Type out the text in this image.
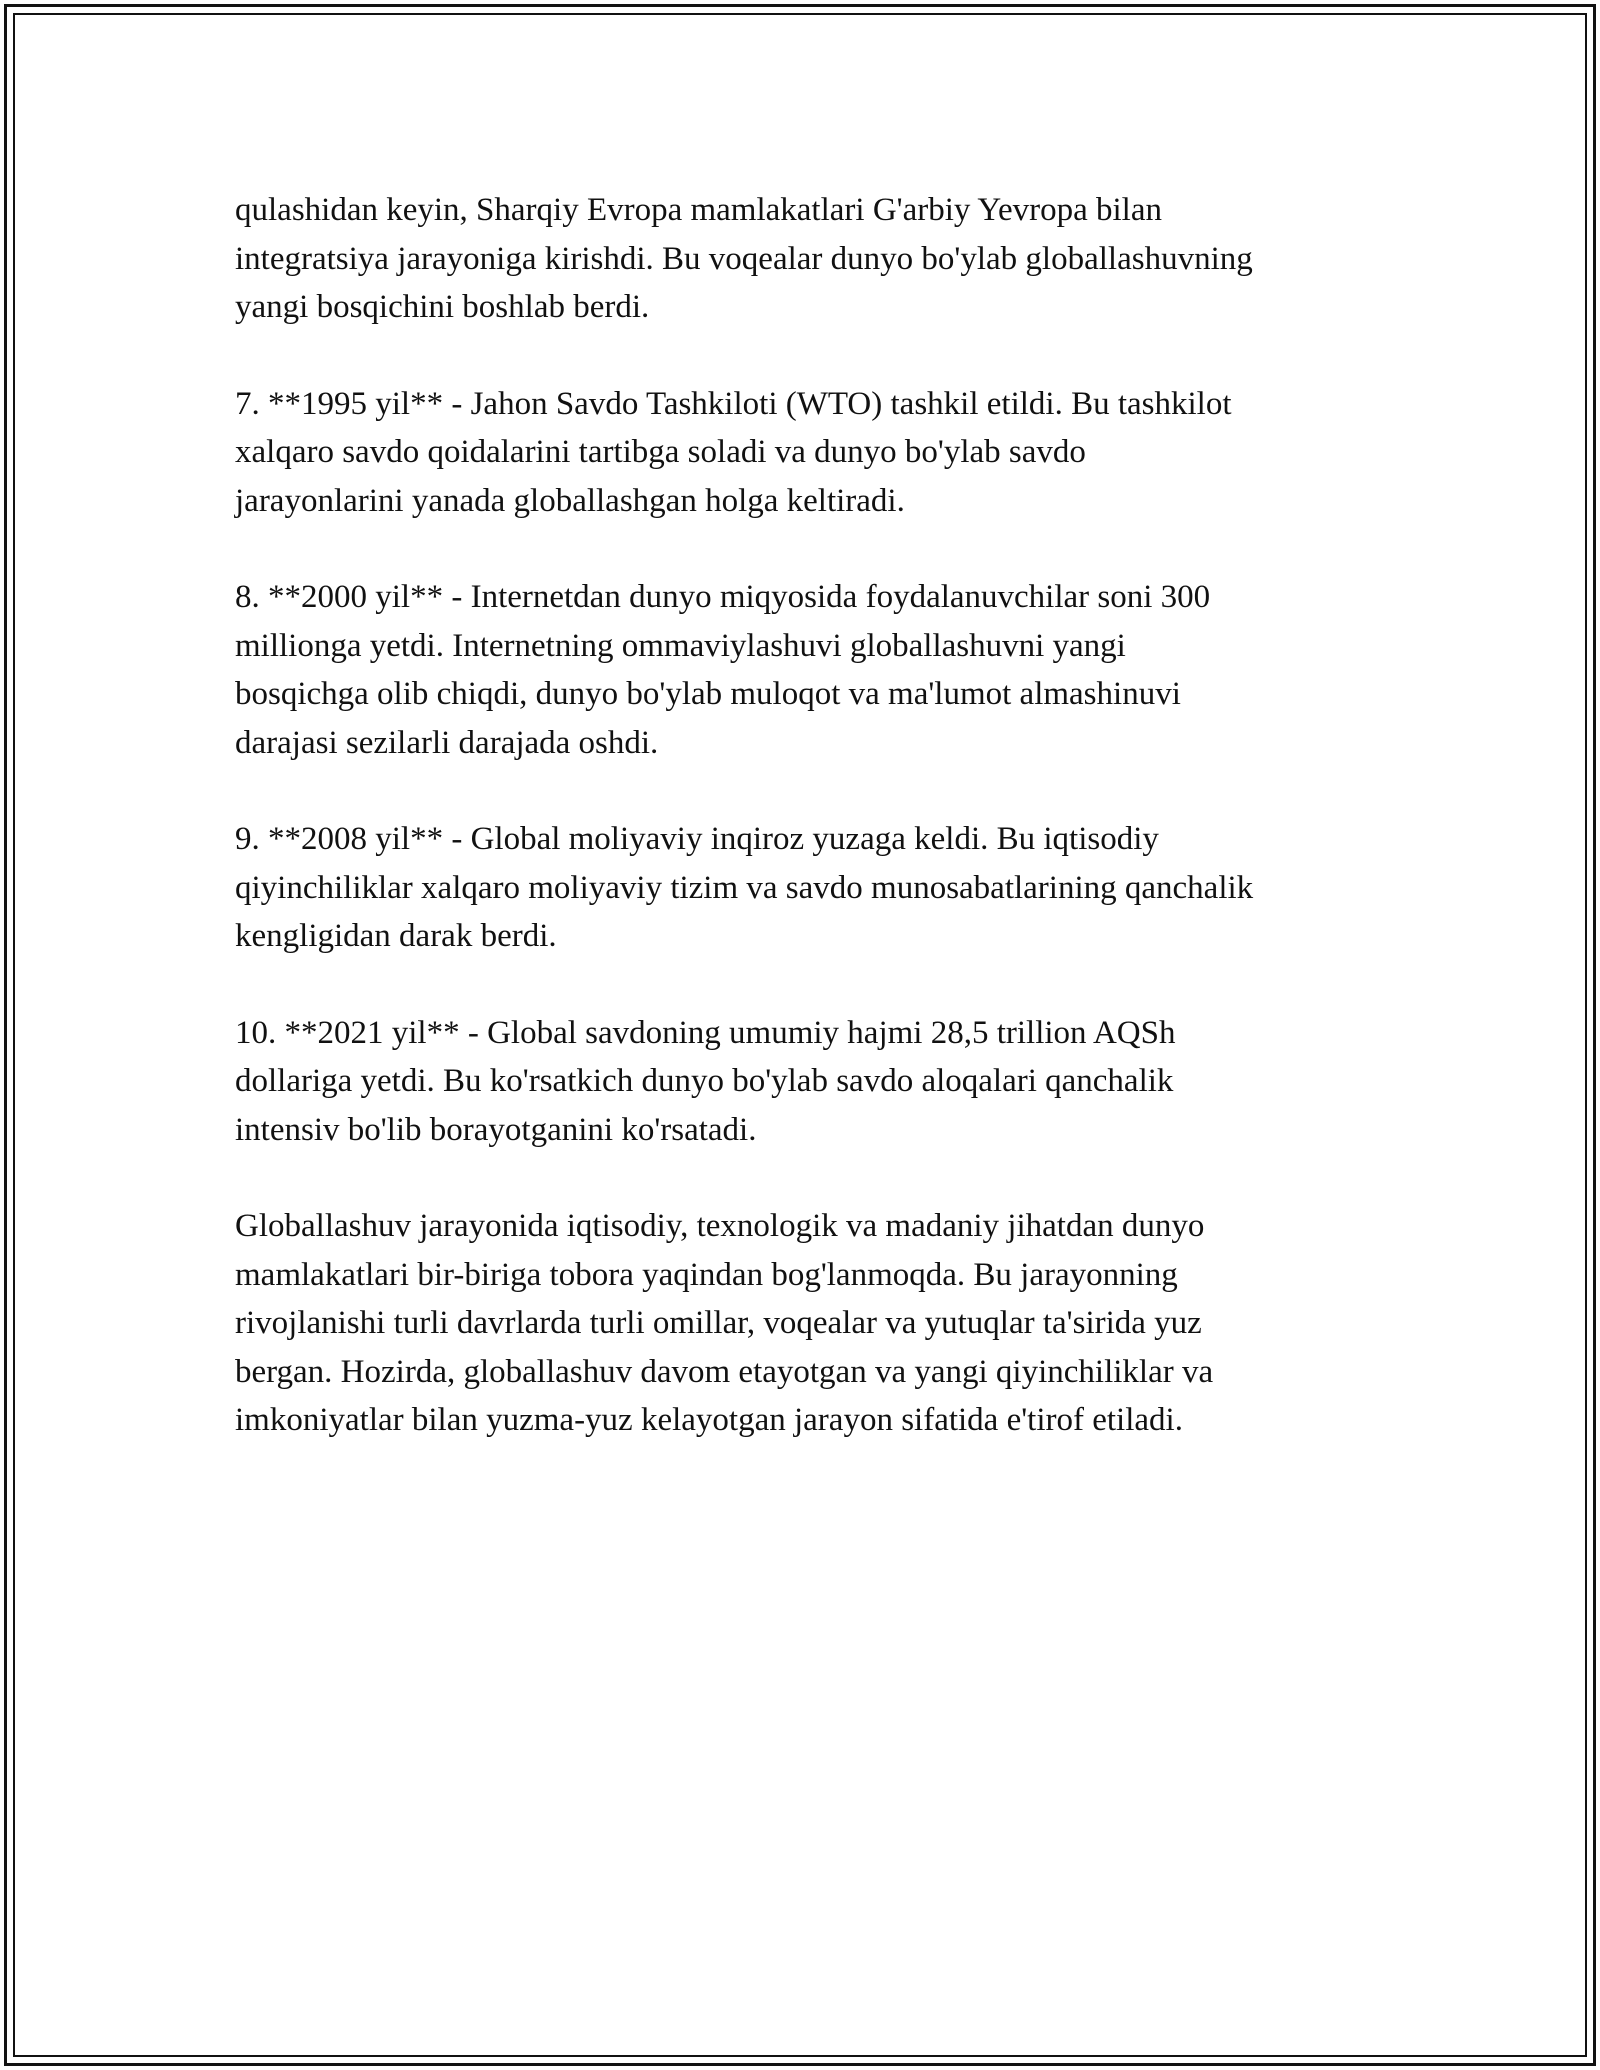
qulashidan keyin, Sharqiy Evropa mamlakatlari G'arbiy Yevropa bilan
integratsiya jarayoniga kirishdi. Bu voqealar dunyo bo'ylab globallashuvning
yangi bosqichini boshlab berdi.

7. **1995 yil** - Jahon Savdo Tashkiloti (WTO) tashkil etildi. Bu tashkilot
xalqaro savdo qoidalarini tartibga soladi va dunyo bo'ylab savdo
jarayonlarini yanada globallashgan holga keltiradi.

8. **2000 yil** - Internetdan dunyo miqyosida foydalanuvchilar soni 300
millionga yetdi. Internetning ommaviylashuvi globallashuvni yangi
bosqichga olib chiqdi, dunyo bo'ylab muloqot va ma'lumot almashinuvi
darajasi sezilarli darajada oshdi.

9. **2008 yil** - Global moliyaviy inqiroz yuzaga keldi. Bu iqtisodiy
qiyinchiliklar xalqaro moliyaviy tizim va savdo munosabatlarining qanchalik
kengligidan darak berdi.

10. **2021 yil** - Global savdoning umumiy hajmi 28,5 trillion AQSh
dollariga yetdi. Bu ko'rsatkich dunyo bo'ylab savdo aloqalari qanchalik
intensiv bo'lib borayotganini ko'rsatadi.

Globallashuv jarayonida iqtisodiy, texnologik va madaniy jihatdan dunyo
mamlakatlari bir-biriga tobora yaqindan bog'lanmoqda. Bu jarayonning
rivojlanishi turli davrlarda turli omillar, voqealar va yutuqlar ta'sirida yuz
bergan. Hozirda, globallashuv davom etayotgan va yangi qiyinchiliklar va
imkoniyatlar bilan yuzma-yuz kelayotgan jarayon sifatida e'tirof etiladi.
